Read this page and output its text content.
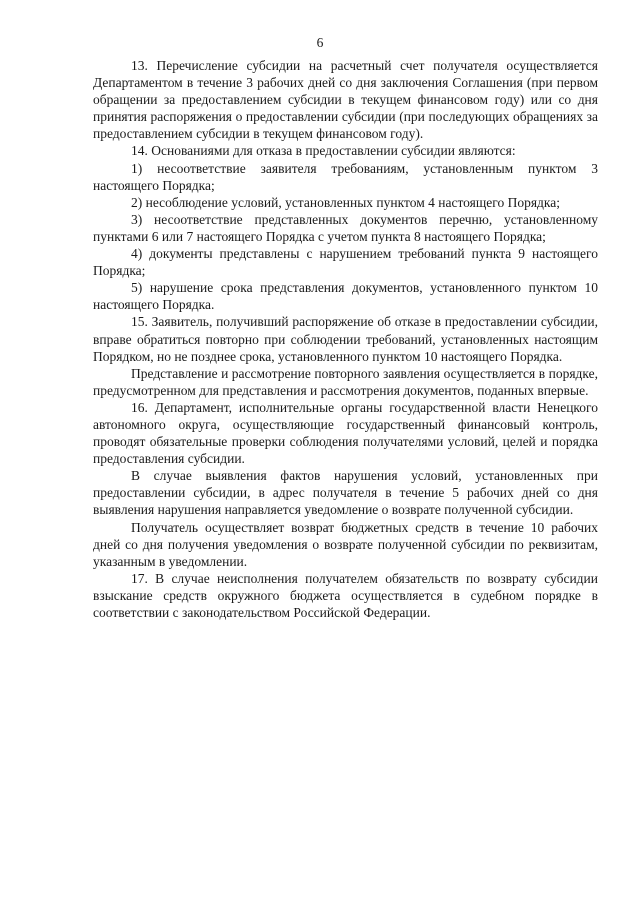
6

13. Перечисление субсидии на расчетный счет получателя осуществляется Департаментом в течение 3 рабочих дней со дня заключения Соглашения (при первом обращении за предоставлением субсидии в текущем финансовом году) или со дня принятия распоряжения о предоставлении субсидии (при последующих обращениях за предоставлением субсидии в текущем финансовом году).

14. Основаниями для отказа в предоставлении субсидии являются:

1) несоответствие заявителя требованиям, установленным пунктом 3 настоящего Порядка;

2) несоблюдение условий, установленных пунктом 4 настоящего Порядка;

3) несоответствие представленных документов перечню, установленному пунктами 6 или 7 настоящего Порядка с учетом пункта 8 настоящего Порядка;

4) документы представлены с нарушением требований пункта 9 настоящего Порядка;

5) нарушение срока представления документов, установленного пунктом 10 настоящего Порядка.

15. Заявитель, получивший распоряжение об отказе в предоставлении субсидии, вправе обратиться повторно при соблюдении требований, установленных настоящим Порядком, но не позднее срока, установленного пунктом 10 настоящего Порядка.

Представление и рассмотрение повторного заявления осуществляется в порядке, предусмотренном для представления и рассмотрения документов, поданных впервые.

16. Департамент, исполнительные органы государственной власти Ненецкого автономного округа, осуществляющие государственный финансовый контроль, проводят обязательные проверки соблюдения получателями условий, целей и порядка предоставления субсидии.

В случае выявления фактов нарушения условий, установленных при предоставлении субсидии, в адрес получателя в течение 5 рабочих дней со дня выявления нарушения направляется уведомление о возврате полученной субсидии.

Получатель осуществляет возврат бюджетных средств в течение 10 рабочих дней со дня получения уведомления о возврате полученной субсидии по реквизитам, указанным в уведомлении.

17. В случае неисполнения получателем обязательств по возврату субсидии взыскание средств окружного бюджета осуществляется в судебном порядке в соответствии с законодательством Российской Федерации.
